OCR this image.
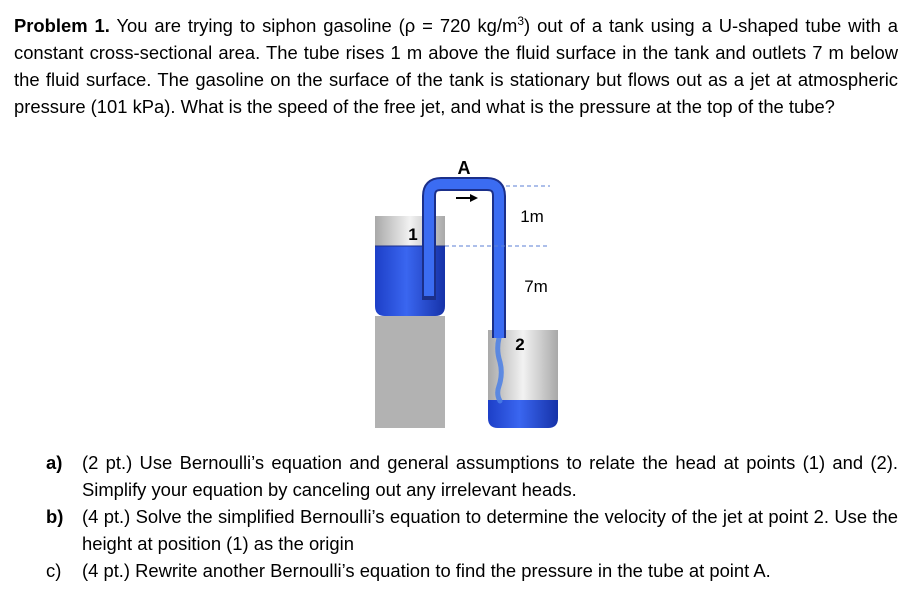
Problem 1. You are trying to siphon gasoline (ρ = 720 $kg/m^3$) out of a tank using a U-shaped tube with a constant cross-sectional area. The tube rises 1 m above the fluid surface in the tank and outlets 7 m below the fluid surface. The gasoline on the surface of the tank is stationary but flows out as a jet at atmospheric pressure (101 kPa). What is the speed of the free jet, and what is the pressure at the top of the tube?
A
1
2
1m
7m
a)	(2 pt.) Use Bernoulli’s equation and general assumptions to relate the head at points (1) and (2). Simplify your equation by canceling out any irrelevant heads.
b)	(4 pt.) Solve the simplified Bernoulli’s equation to determine the velocity of the jet at point 2. Use the height at position (1) as the origin
c)	(4 pt.) Rewrite another Bernoulli’s equation to find the pressure in the tube at point A.
